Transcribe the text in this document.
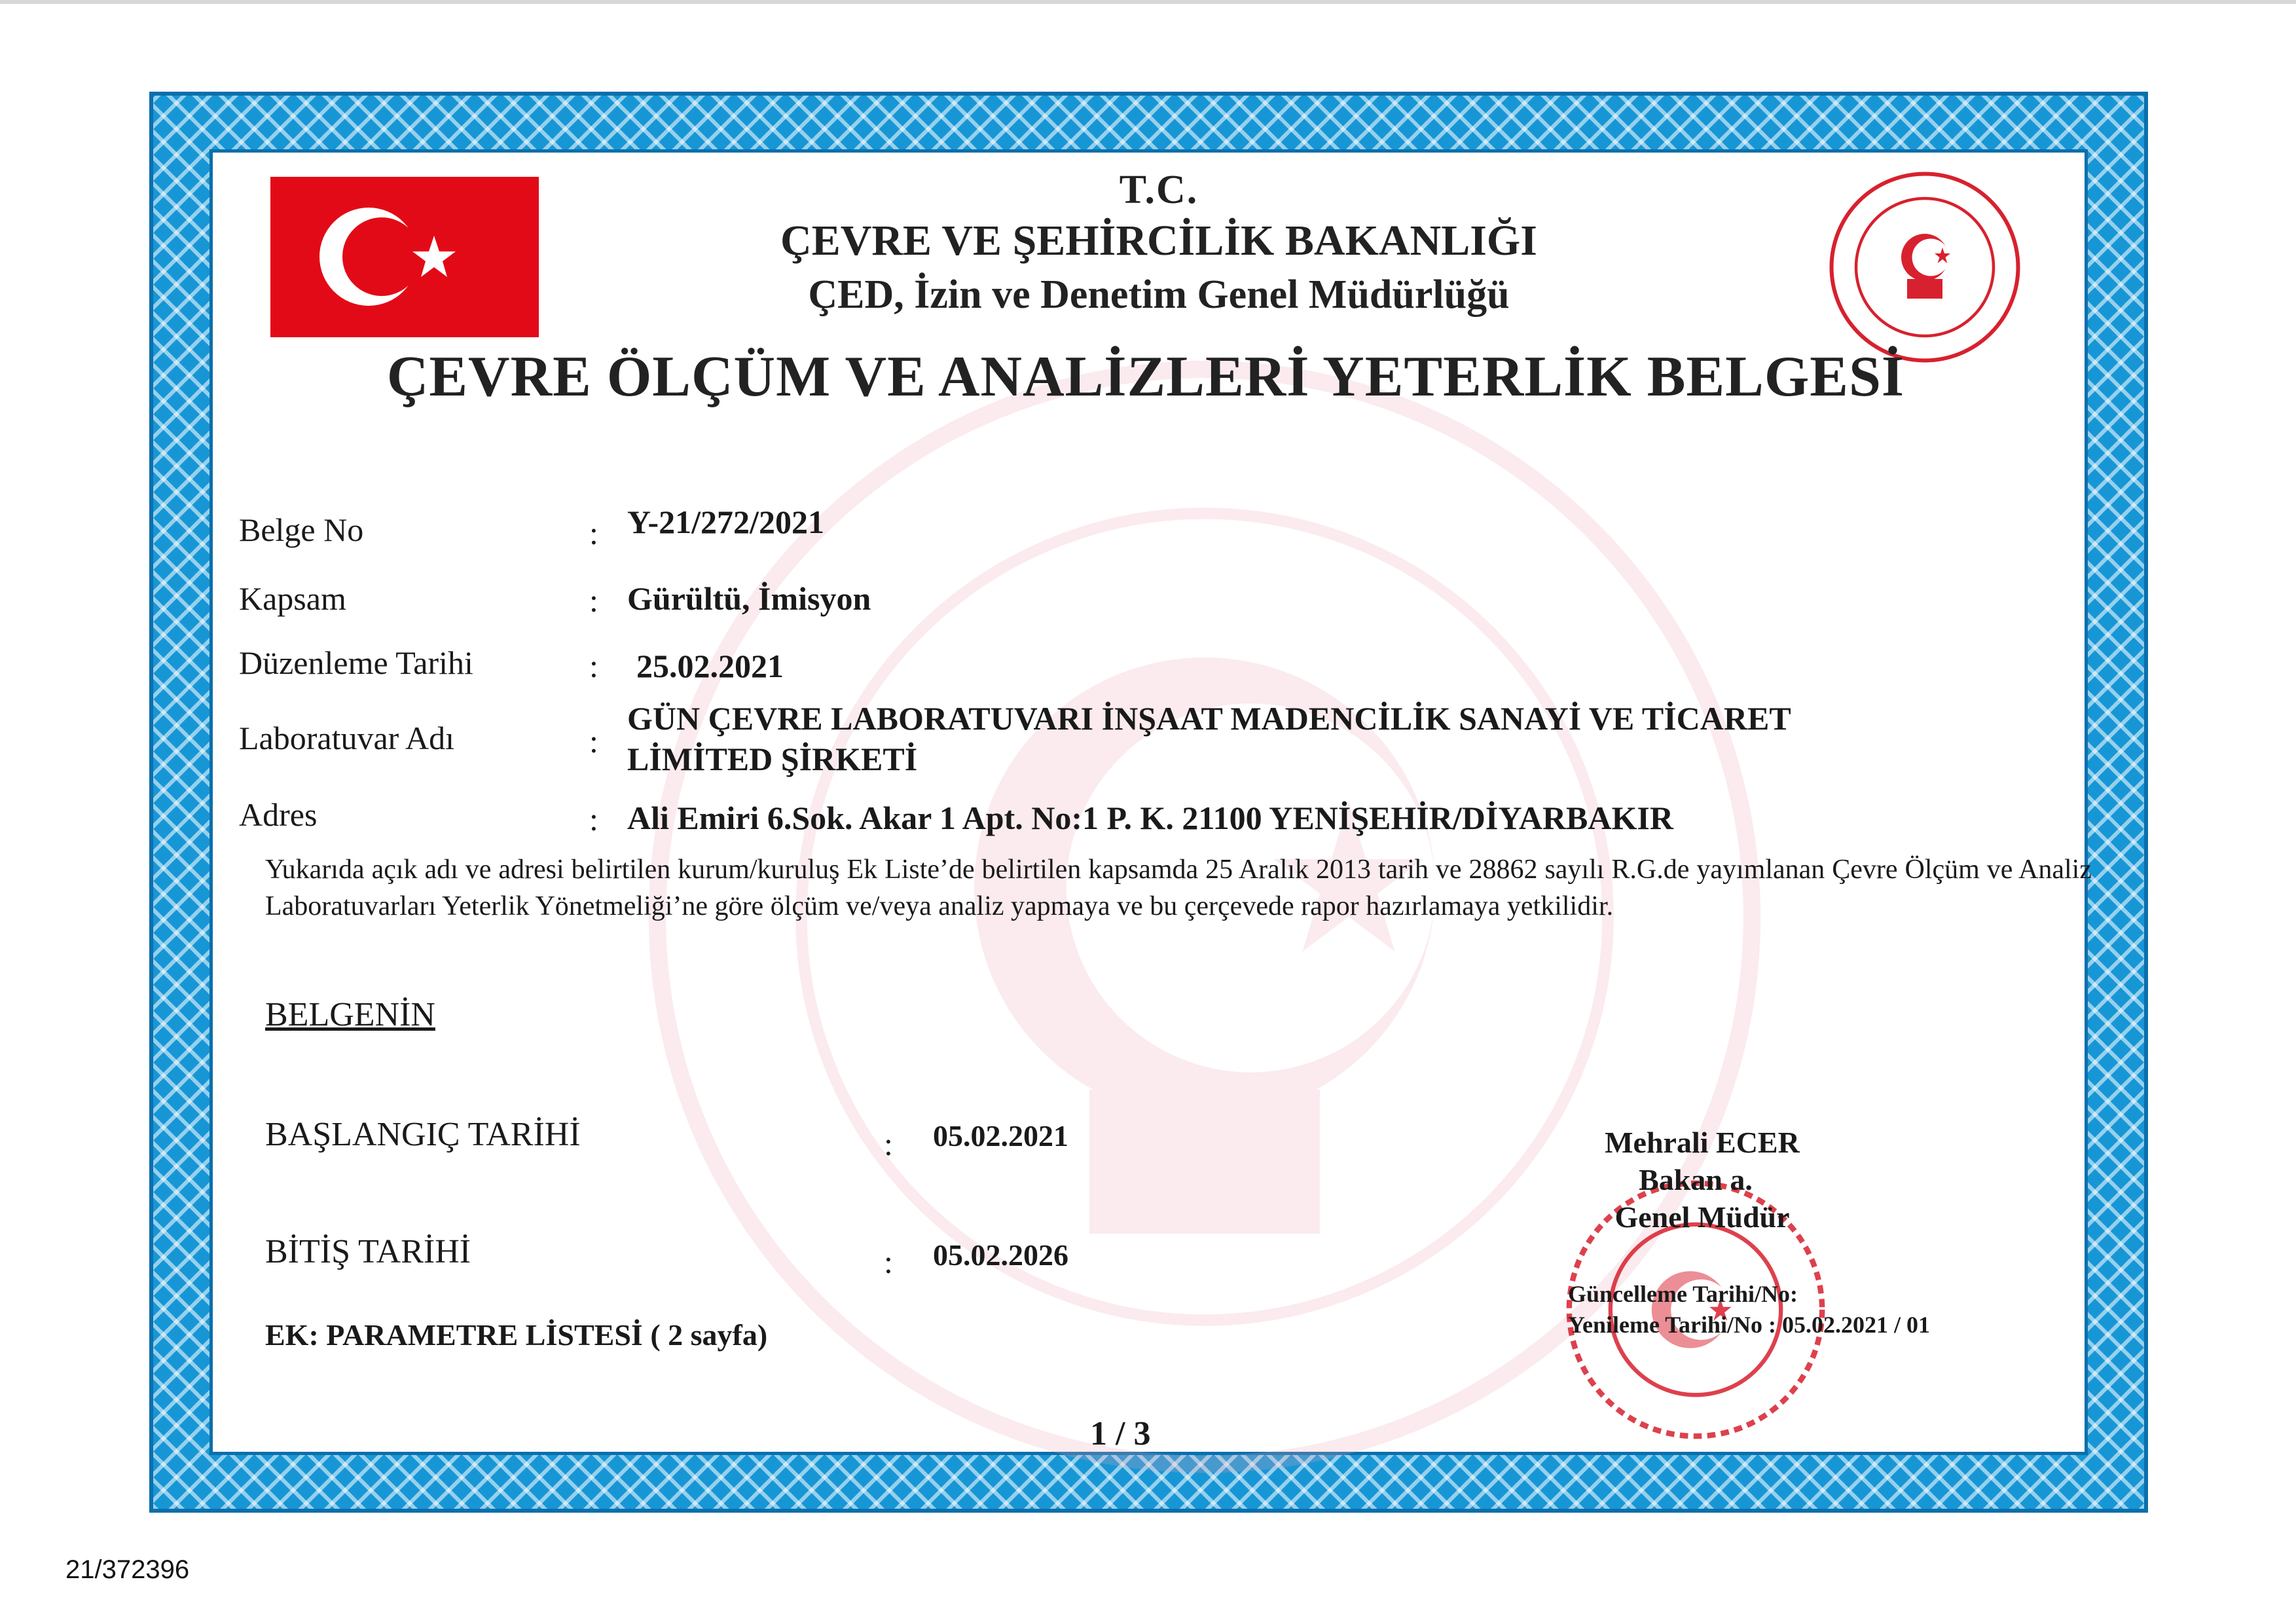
T.C.
ÇEVRE VE ŞEHİRCİLİK BAKANLIĞI
ÇED, İzin ve Denetim Genel Müdürlüğü
ÇEVRE ÖLÇÜM VE ANALİZLERİ YETERLİK BELGESİ
Belge No	: Y-21/272/2021
Kapsam	: Gürültü, İmisyon
Düzenleme Tarihi	: 25.02.2021
Laboratuvar Adı	:
GÜN ÇEVRE LABORATUVARI İNŞAAT MADENCİLİK SANAYİ VE TİCARET
LİMİTED ŞİRKETİ
Adres	: Ali Emiri 6.Sok. Akar 1 Apt. No:1 P. K. 21100 YENİŞEHİR/DİYARBAKIR
Yukarıda açık adı ve adresi belirtilen kurum/kuruluş Ek Liste’de belirtilen kapsamda 25 Aralık 2013 tarih ve 28862 sayılı R.G.de yayımlanan Çevre Ölçüm ve Analiz Laboratuvarları Yeterlik Yönetmeliği’ne göre ölçüm ve/veya analiz yapmaya ve bu çerçevede rapor hazırlamaya yetkilidir.
BELGENİN
BAŞLANGIÇ TARİHİ	: 05.02.2021
BİTİŞ TARİHİ	: 05.02.2026
EK: PARAMETRE LİSTESİ ( 2 sayfa)
Mehrali ECER
Bakan a.
Genel Müdür
Güncelleme Tarihi/No:
Yenileme Tarihi/No : 05.02.2021 / 01
1 / 3
21/372396
